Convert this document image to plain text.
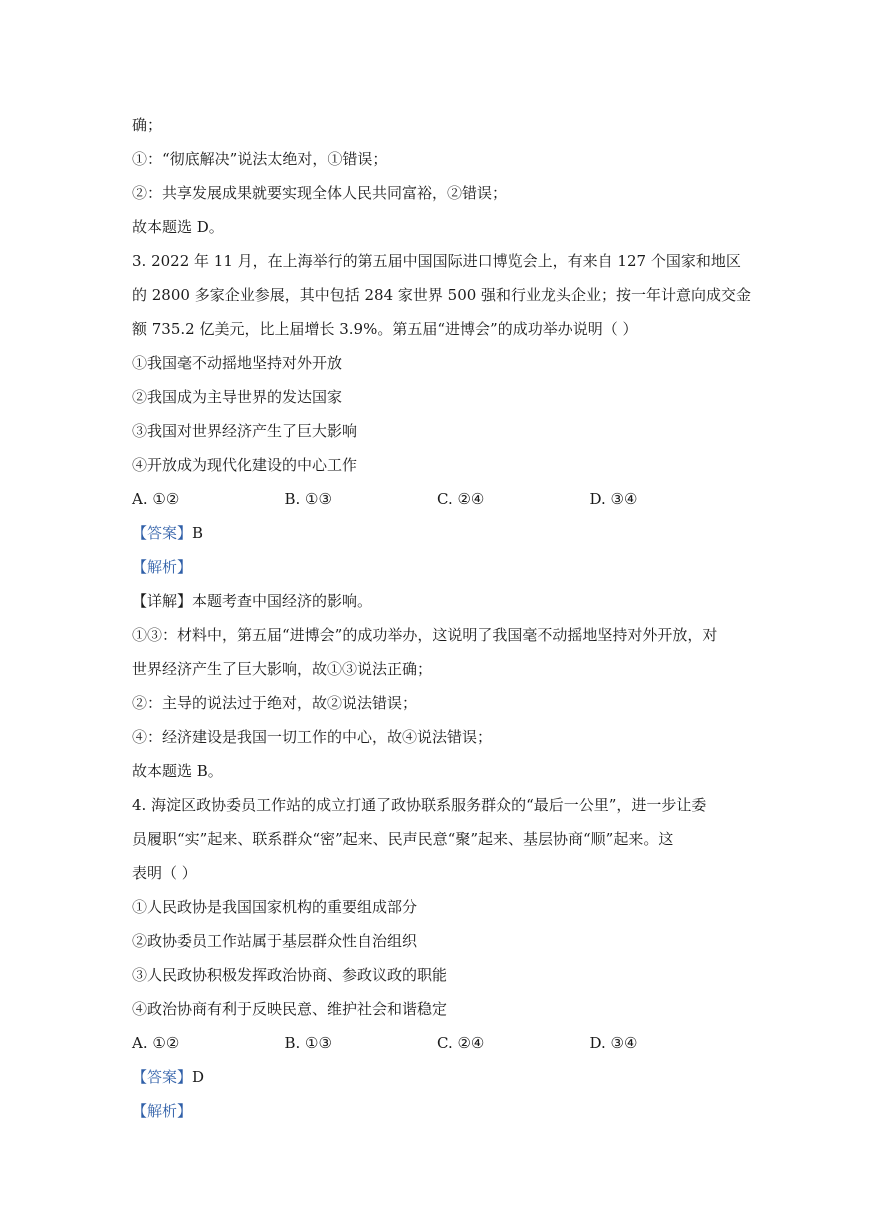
确；
①：“彻底解决”说法太绝对，①错误；
②：共享发展成果就要实现全体人民共同富裕，②错误；
故本题选 D。
3. 2022 年 11 月，在上海举行的第五届中国国际进口博览会上，有来自 127 个国家和地区
的 2800 多家企业参展，其中包括 284 家世界 500 强和行业龙头企业；按一年计意向成交金
额 735.2 亿美元，比上届增长 3.9%。第五届“进博会”的成功举办说明（ ）
①我国毫不动摇地坚持对外开放
②我国成为主导世界的发达国家
③我国对世界经济产生了巨大影响
④开放成为现代化建设的中心工作
A. ①②	B. ①③	C. ②④	D. ③④
【答案】B
【解析】
【详解】本题考查中国经济的影响。
①③：材料中，第五届“进博会”的成功举办，这说明了我国毫不动摇地坚持对外开放，对
世界经济产生了巨大影响，故①③说法正确；
②：主导的说法过于绝对，故②说法错误；
④：经济建设是我国一切工作的中心，故④说法错误；
故本题选 B。
4. 海淀区政协委员工作站的成立打通了政协联系服务群众的“最后一公里”，进一步让委
员履职“实”起来、联系群众“密”起来、民声民意“聚”起来、基层协商“顺”起来。这
表明（ ）
①人民政协是我国国家机构的重要组成部分
②政协委员工作站属于基层群众性自治组织
③人民政协积极发挥政治协商、参政议政的职能
④政治协商有利于反映民意、维护社会和谐稳定
A. ①②	B. ①③	C. ②④	D. ③④
【答案】D
【解析】
